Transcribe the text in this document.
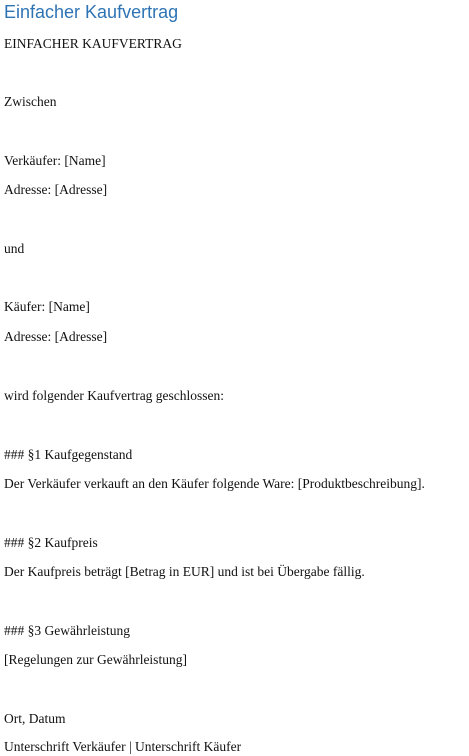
Einfacher Kaufvertrag

EINFACHER KAUFVERTRAG

Zwischen

Verkäufer: [Name]

Adresse: [Adresse]

und

Käufer: [Name]

Adresse: [Adresse]

wird folgender Kaufvertrag geschlossen:

### §1 Kaufgegenstand

Der Verkäufer verkauft an den Käufer folgende Ware: [Produktbeschreibung].

### §2 Kaufpreis

Der Kaufpreis beträgt [Betrag in EUR] und ist bei Übergabe fällig.

### §3 Gewährleistung

[Regelungen zur Gewährleistung]

Ort, Datum

Unterschrift Verkäufer | Unterschrift Käufer
